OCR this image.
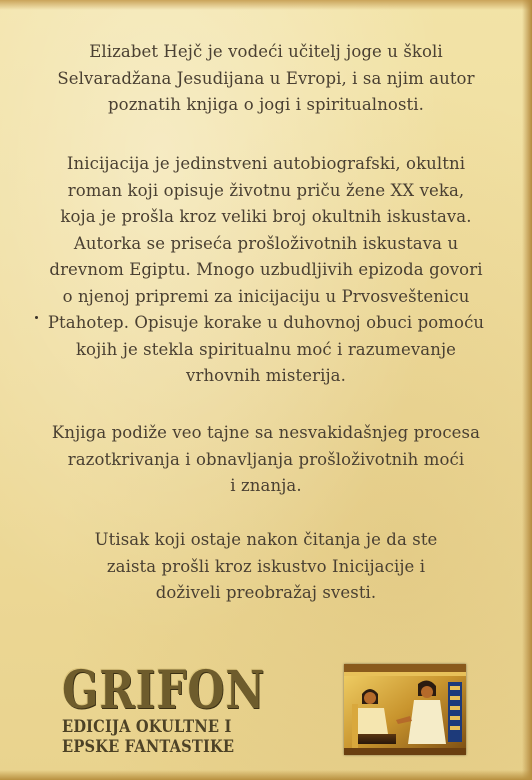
Elizabet Hejč je vodeći učitelj joge u školi

Selvaradžana Jesudijana u Evropi, i sa njim autor

poznatih knjiga o jogi i spiritualnosti.

Inicijacija je jedinstveni autobiografski, okultni

roman koji opisuje životnu priču žene XX veka,

koja je prošla kroz veliki broj okultnih iskustava.

Autorka se priseća prošloživotnih iskustava u

drevnom Egiptu. Mnogo uzbudljivih epizoda govori

o njenoj pripremi za inicijaciju u Prvosveštenicu

Ptahotep. Opisuje korake u duhovnoj obuci pomoću

kojih je stekla spiritualnu moć i razumevanje

vrhovnih misterija.

Knjiga podiže veo tajne sa nesvakidašnjeg procesa

razotkrivanja i obnavljanja prošloživotnih moći

i znanja.

Utisak koji ostaje nakon čitanja je da ste

zaista prošli kroz iskustvo Inicijacije i

doživeli preobražaj svesti.

GRIFON
EDICIJA OKULTNE I
EPSKE FANTASTIKE
